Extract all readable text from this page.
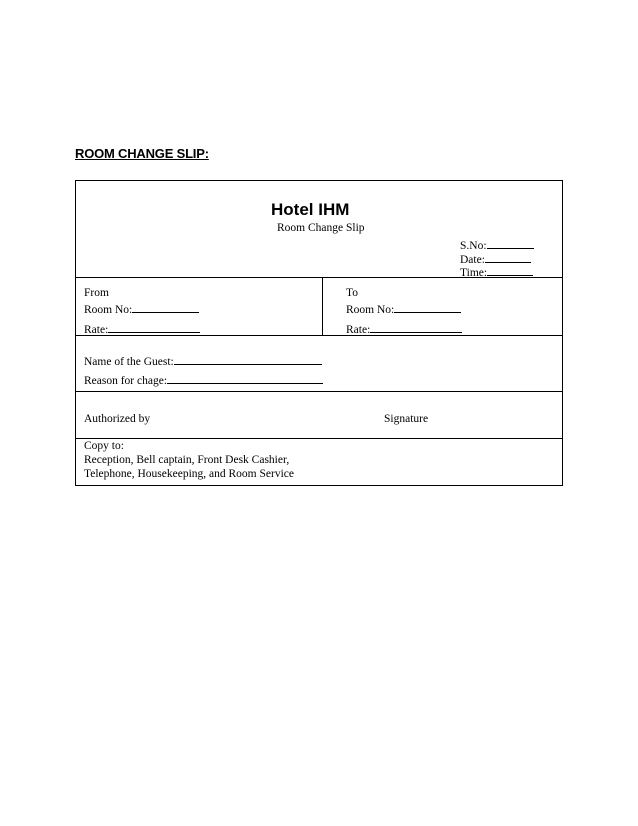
ROOM CHANGE SLIP:
Hotel IHM
Room Change Slip
S.No:
Date:
Time:
From
Room No:
Rate:
To
Room No:
Rate:
Name of the Guest:
Reason for chage:
Authorized by	Signature
Copy to:
Reception, Bell captain, Front Desk Cashier,
Telephone, Housekeeping, and Room Service
